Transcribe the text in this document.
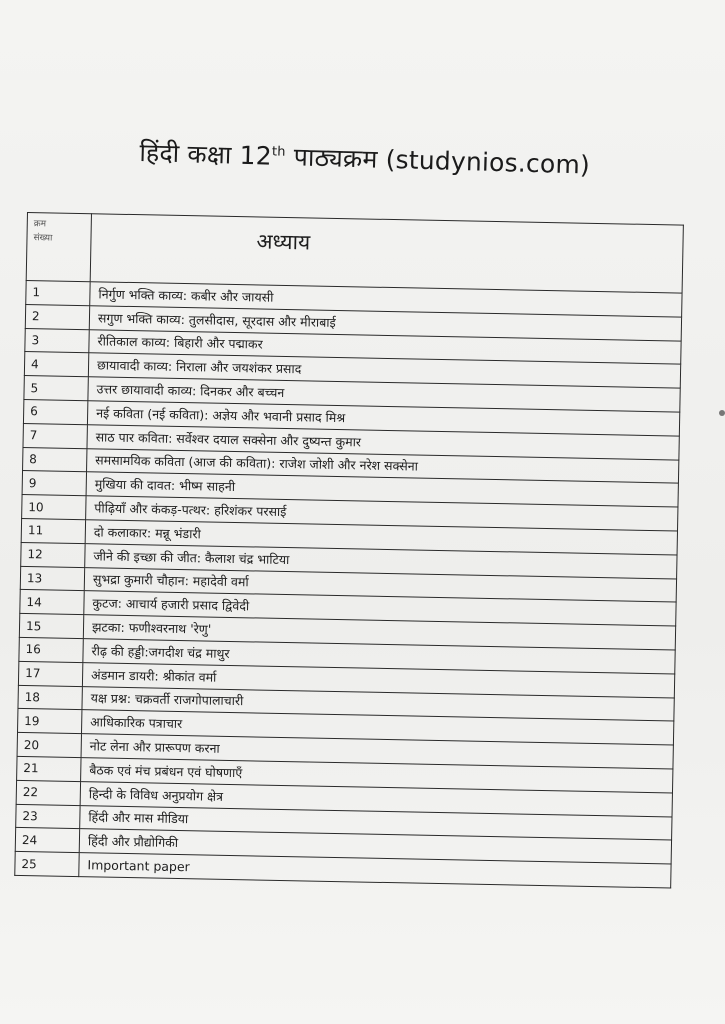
हिंदी कक्षा 12th पाठ्यक्रम (studynios.com)
क्रम
संख्या	अध्याय
1	निर्गुण भक्ति काव्य: कबीर और जायसी
2	सगुण भक्ति काव्य: तुलसीदास, सूरदास और मीराबाई
3	रीतिकाल काव्य: बिहारी और पद्माकर
4	छायावादी काव्य: निराला और जयशंकर प्रसाद
5	उत्तर छायावादी काव्य: दिनकर और बच्चन
6	नई कविता (नई कविता): अज्ञेय और भवानी प्रसाद मिश्र
7	साठ पार कविता: सर्वेश्वर दयाल सक्सेना और दुष्यन्त कुमार
8	समसामयिक कविता (आज की कविता): राजेश जोशी और नरेश सक्सेना
9	मुखिया की दावत: भीष्म साहनी
10	पीढ़ियाँ और कंकड़-पत्थर: हरिशंकर परसाई
11	दो कलाकार: मन्नू भंडारी
12	जीने की इच्छा की जीत: कैलाश चंद्र भाटिया
13	सुभद्रा कुमारी चौहान: महादेवी वर्मा
14	कुटज: आचार्य हजारी प्रसाद द्विवेदी
15	झटका: फणीश्वरनाथ 'रेणु'
16	रीढ़ की हड्डी:जगदीश चंद्र माथुर
17	अंडमान डायरी: श्रीकांत वर्मा
18	यक्ष प्रश्न: चक्रवर्ती राजगोपालाचारी
19	आधिकारिक पत्राचार
20	नोट लेना और प्रारूपण करना
21	बैठक एवं मंच प्रबंधन एवं घोषणाएँ
22	हिन्दी के विविध अनुप्रयोग क्षेत्र
23	हिंदी और मास मीडिया
24	हिंदी और प्रौद्योगिकी
25	Important paper
